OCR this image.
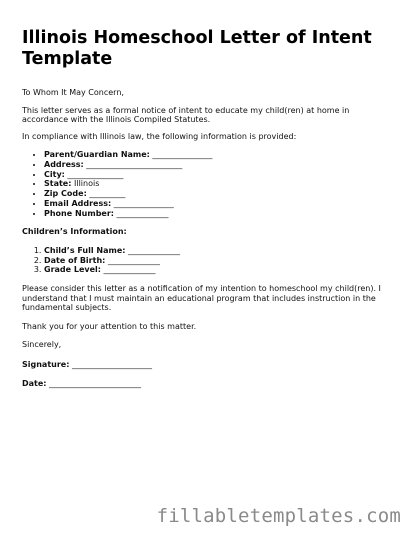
Illinois Homeschool Letter of Intent Template

To Whom It May Concern,

This letter serves as a formal notice of intent to educate my child(ren) at home in accordance with the Illinois Compiled Statutes.

In compliance with Illinois law, the following information is provided:

• Parent/Guardian Name: _______________
• Address: ________________________
• City: ______________
• State: Illinois
• Zip Code: _________
• Email Address: _______________
• Phone Number: _____________

Children’s Information:

1. Child’s Full Name: _____________
2. Date of Birth: _____________
3. Grade Level: _____________

Please consider this letter as a notification of my intention to homeschool my child(ren). I understand that I must maintain an educational program that includes instruction in the fundamental subjects.

Thank you for your attention to this matter.

Sincerely,

Signature: ____________________

Date: _______________________

fillabletemplates.com
